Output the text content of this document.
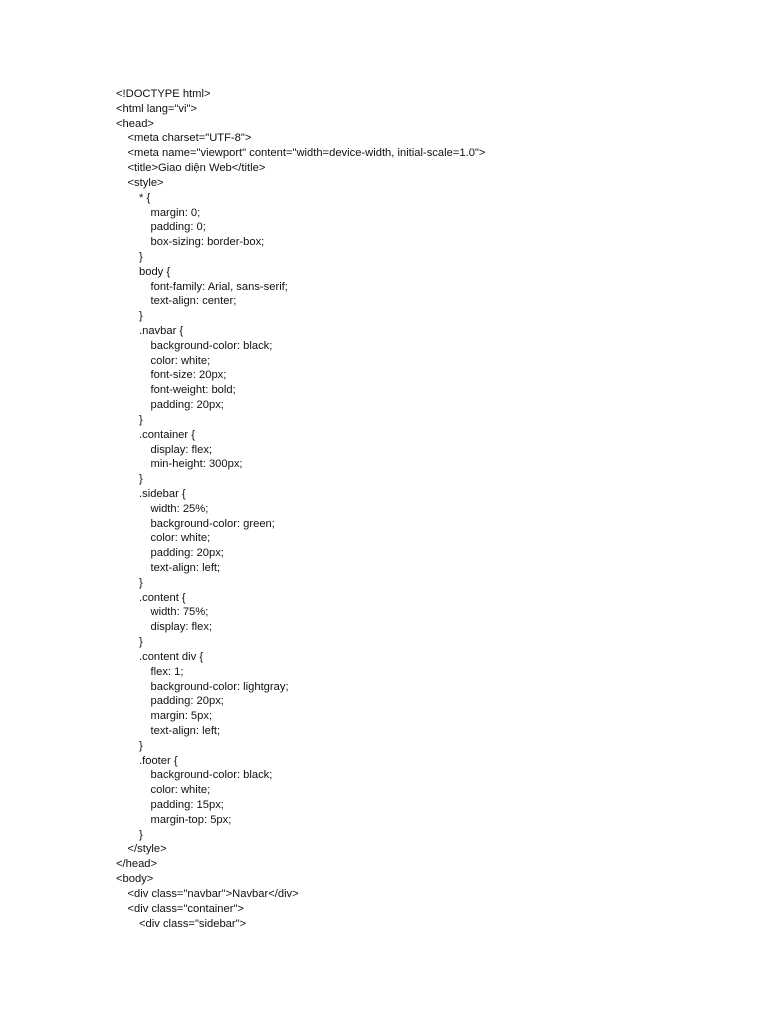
<!DOCTYPE html>
<html lang="vi">
<head>
<meta charset="UTF-8">
<meta name="viewport" content="width=device-width, initial-scale=1.0">
<title>Giao diện Web</title>
<style>
* {
margin: 0;
padding: 0;
box-sizing: border-box;
}
body {
font-family: Arial, sans-serif;
text-align: center;
}
.navbar {
background-color: black;
color: white;
font-size: 20px;
font-weight: bold;
padding: 20px;
}
.container {
display: flex;
min-height: 300px;
}
.sidebar {
width: 25%;
background-color: green;
color: white;
padding: 20px;
text-align: left;
}
.content {
width: 75%;
display: flex;
}
.content div {
flex: 1;
background-color: lightgray;
padding: 20px;
margin: 5px;
text-align: left;
}
.footer {
background-color: black;
color: white;
padding: 15px;
margin-top: 5px;
}
</style>
</head>
<body>
<div class="navbar">Navbar</div>
<div class="container">
<div class="sidebar">
